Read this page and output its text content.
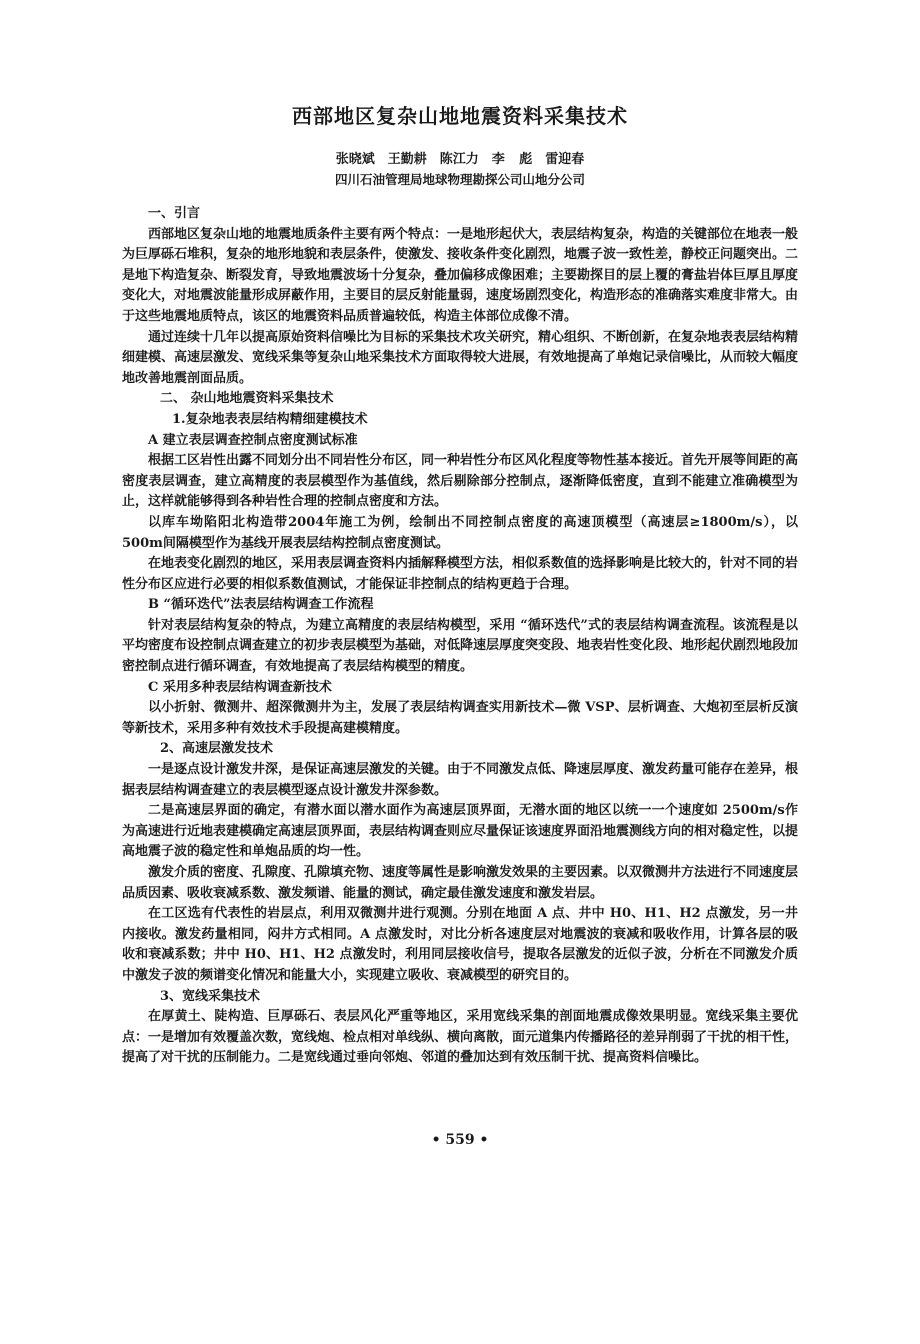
西部地区复杂山地地震资料采集技术
张晓斌　王勤耕　陈江力　李 彪　雷迎春
四川石油管理局地球物理勘探公司山地分公司

一、引言

西部地区复杂山地的地震地质条件主要有两个特点：一是地形起伏大，表层结构复杂，构造的关键部位在地表一般为巨厚砾石堆积，复杂的地形地貌和表层条件，使激发、接收条件变化剧烈，地震子波一致性差，静校正问题突出。二是地下构造复杂、断裂发育，导致地震波场十分复杂，叠加偏移成像困难；主要勘探目的层上覆的膏盐岩体巨厚且厚度变化大，对地震波能量形成屏蔽作用，主要目的层反射能量弱，速度场剧烈变化，构造形态的准确落实难度非常大。由于这些地震地质特点，该区的地震资料品质普遍较低，构造主体部位成像不清。

通过连续十几年以提高原始资料信噪比为目标的采集技术攻关研究，精心组织、不断创新，在复杂地表表层结构精细建模、高速层激发、宽线采集等复杂山地采集技术方面取得较大进展，有效地提高了单炮记录信噪比，从而较大幅度地改善地震剖面品质。

二、 杂山地地震资料采集技术

1.复杂地表表层结构精细建模技术

A 建立表层调查控制点密度测试标准

根据工区岩性出露不同划分出不同岩性分布区，同一种岩性分布区风化程度等物性基本接近。首先开展等间距的高密度表层调查，建立高精度的表层模型作为基值线，然后剔除部分控制点，逐渐降低密度，直到不能建立准确模型为止，这样就能够得到各种岩性合理的控制点密度和方法。

以库车坳陷阳北构造带2004年施工为例，绘制出不同控制点密度的高速顶模型（高速层≥1800m/s），以500m间隔模型作为基线开展表层结构控制点密度测试。

在地表变化剧烈的地区，采用表层调查资料内插解释模型方法，相似系数值的选择影响是比较大的，针对不同的岩性分布区应进行必要的相似系数值测试，才能保证非控制点的结构更趋于合理。

B “循环迭代”法表层结构调查工作流程

针对表层结构复杂的特点，为建立高精度的表层结构模型，采用 “循环迭代”式的表层结构调查流程。该流程是以平均密度布设控制点调查建立的初步表层模型为基础，对低降速层厚度突变段、地表岩性变化段、地形起伏剧烈地段加密控制点进行循环调查，有效地提高了表层结构模型的精度。

C 采用多种表层结构调查新技术

以小折射、微测井、超深微测井为主，发展了表层结构调查实用新技术—微 VSP、层析调查、大炮初至层析反演等新技术，采用多种有效技术手段提高建模精度。

2、高速层激发技术

一是逐点设计激发井深，是保证高速层激发的关键。由于不同激发点低、降速层厚度、激发药量可能存在差异，根据表层结构调查建立的表层模型逐点设计激发井深参数。

二是高速层界面的确定，有潜水面以潜水面作为高速层顶界面，无潜水面的地区以统一一个速度如 2500m/s作为高速进行近地表建模确定高速层顶界面，表层结构调查则应尽量保证该速度界面沿地震测线方向的相对稳定性，以提高地震子波的稳定性和单炮品质的均一性。

激发介质的密度、孔隙度、孔隙填充物、速度等属性是影响激发效果的主要因素。以双微测井方法进行不同速度层品质因素、吸收衰减系数、激发频谱、能量的测试，确定最佳激发速度和激发岩层。

在工区选有代表性的岩层点，利用双微测井进行观测。分别在地面 A 点、井中 H0、H1、H2 点激发，另一井内接收。激发药量相同，闷井方式相同。A 点激发时，对比分析各速度层对地震波的衰减和吸收作用，计算各层的吸收和衰减系数；井中 H0、H1、H2 点激发时，利用同层接收信号，提取各层激发的近似子波，分析在不同激发介质中激发子波的频谱变化情况和能量大小，实现建立吸收、衰减模型的研究目的。

3、宽线采集技术

在厚黄土、陡构造、巨厚砾石、表层风化严重等地区，采用宽线采集的剖面地震成像效果明显。宽线采集主要优点：一是增加有效覆盖次数，宽线炮、检点相对单线纵、横向离散，面元道集内传播路径的差异削弱了干扰的相干性，提高了对干扰的压制能力。二是宽线通过垂向邻炮、邻道的叠加达到有效压制干扰、提高资料信噪比。

• 559 •
